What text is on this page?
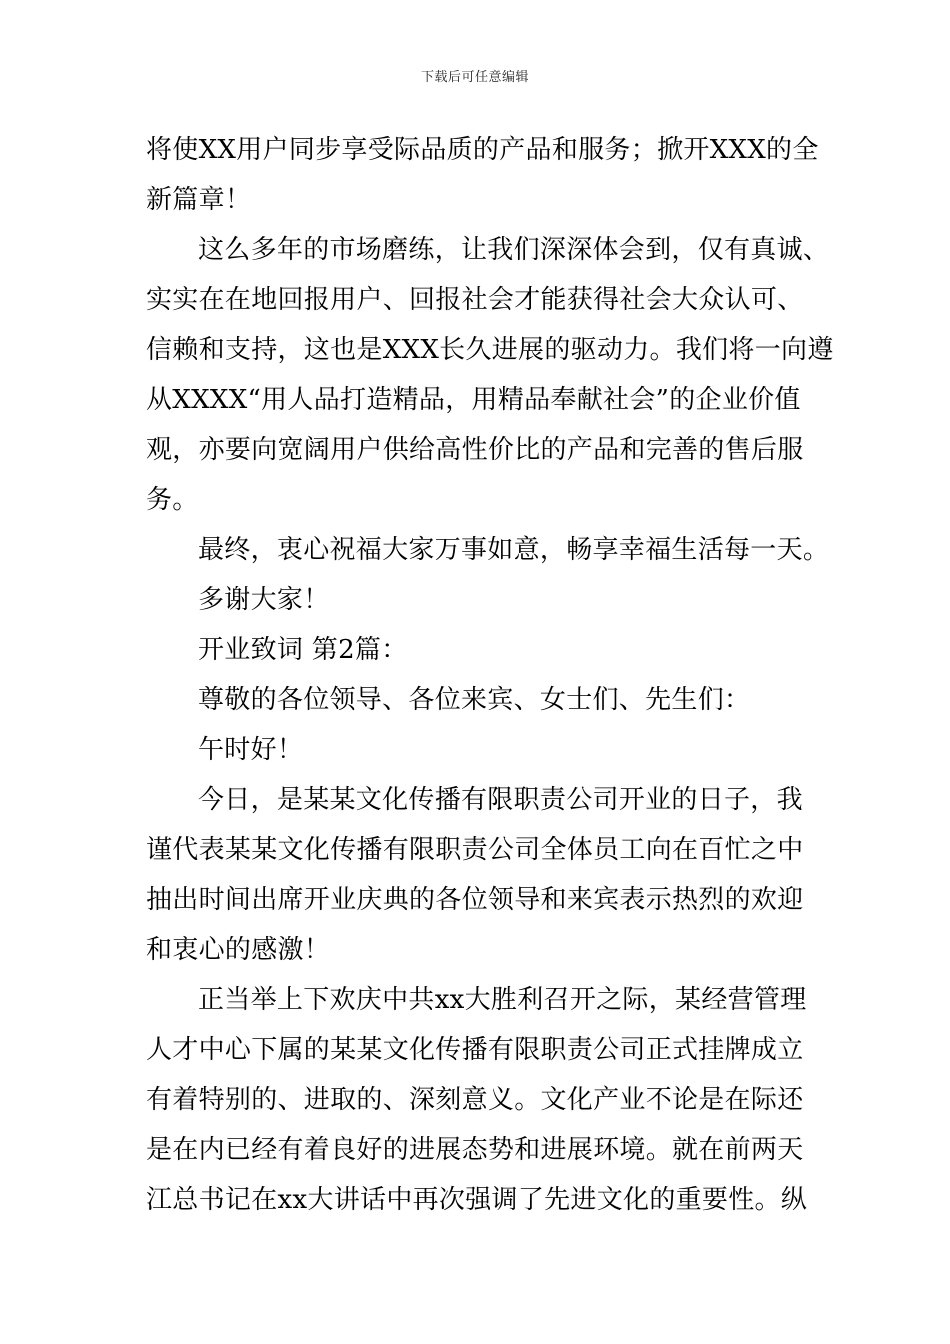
下载后可任意编辑
将使XX用户同步享受际品质的产品和服务；掀开XXX的全
新篇章！
这么多年的市场磨练，让我们深深体会到，仅有真诚、
实实在在地回报用户、回报社会才能获得社会大众认可、
信赖和支持，这也是XXX长久进展的驱动力。我们将一向遵
从XXXX“用人品打造精品，用精品奉献社会”的企业价值
观，亦要向宽阔用户供给高性价比的产品和完善的售后服
务。
最终，衷心祝福大家万事如意，畅享幸福生活每一天。
多谢大家！
开业致词 第2篇：
尊敬的各位领导、各位来宾、女士们、先生们：
午时好！
今日，是某某文化传播有限职责公司开业的日子，我
谨代表某某文化传播有限职责公司全体员工向在百忙之中
抽出时间出席开业庆典的各位领导和来宾表示热烈的欢迎
和衷心的感激！
正当举上下欢庆中共xx大胜利召开之际，某经营管理
人才中心下属的某某文化传播有限职责公司正式挂牌成立
有着特别的、进取的、深刻意义。文化产业不论是在际还
是在内已经有着良好的进展态势和进展环境。就在前两天
江总书记在xx大讲话中再次强调了先进文化的重要性。纵
